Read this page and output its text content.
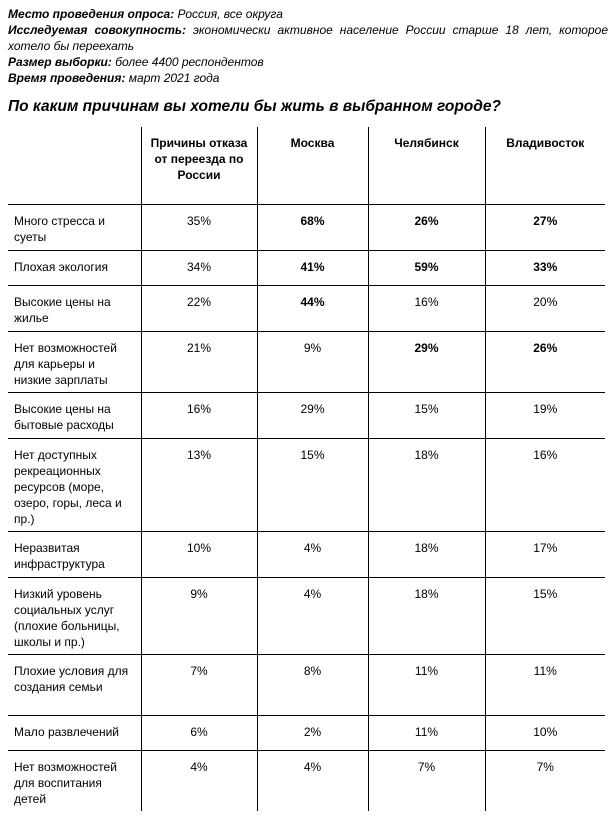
Место проведения опроса: Россия, все округа

Исследуемая совокупность: экономически активное население России старше 18 лет, которое хотело бы переехать

Размер выборки: более 4400 респондентов

Время проведения: март 2021 года

По каким причинам вы хотели бы жить в выбранном городе?
	Причины отказа от переезда по России	Москва	Челябинск	Владивосток
Много стресса и суеты	35%	68%	26%	27%
Плохая экология	34%	41%	59%	33%
Высокие цены на жилье	22%	44%	16%	20%
Нет возможностей для карьеры и низкие зарплаты	21%	9%	29%	26%
Высокие цены на бытовые расходы	16%	29%	15%	19%
Нет доступных рекреационных ресурсов (море, озеро, горы, леса и пр.)	13%	15%	18%	16%
Неразвитая инфраструктура	10%	4%	18%	17%
Низкий уровень социальных услуг (плохие больницы, школы и пр.)	9%	4%	18%	15%
Плохие условия для создания семьи	7%	8%	11%	11%
Мало развлечений	6%	2%	11%	10%
Нет возможностей для воспитания детей	4%	4%	7%	7%
